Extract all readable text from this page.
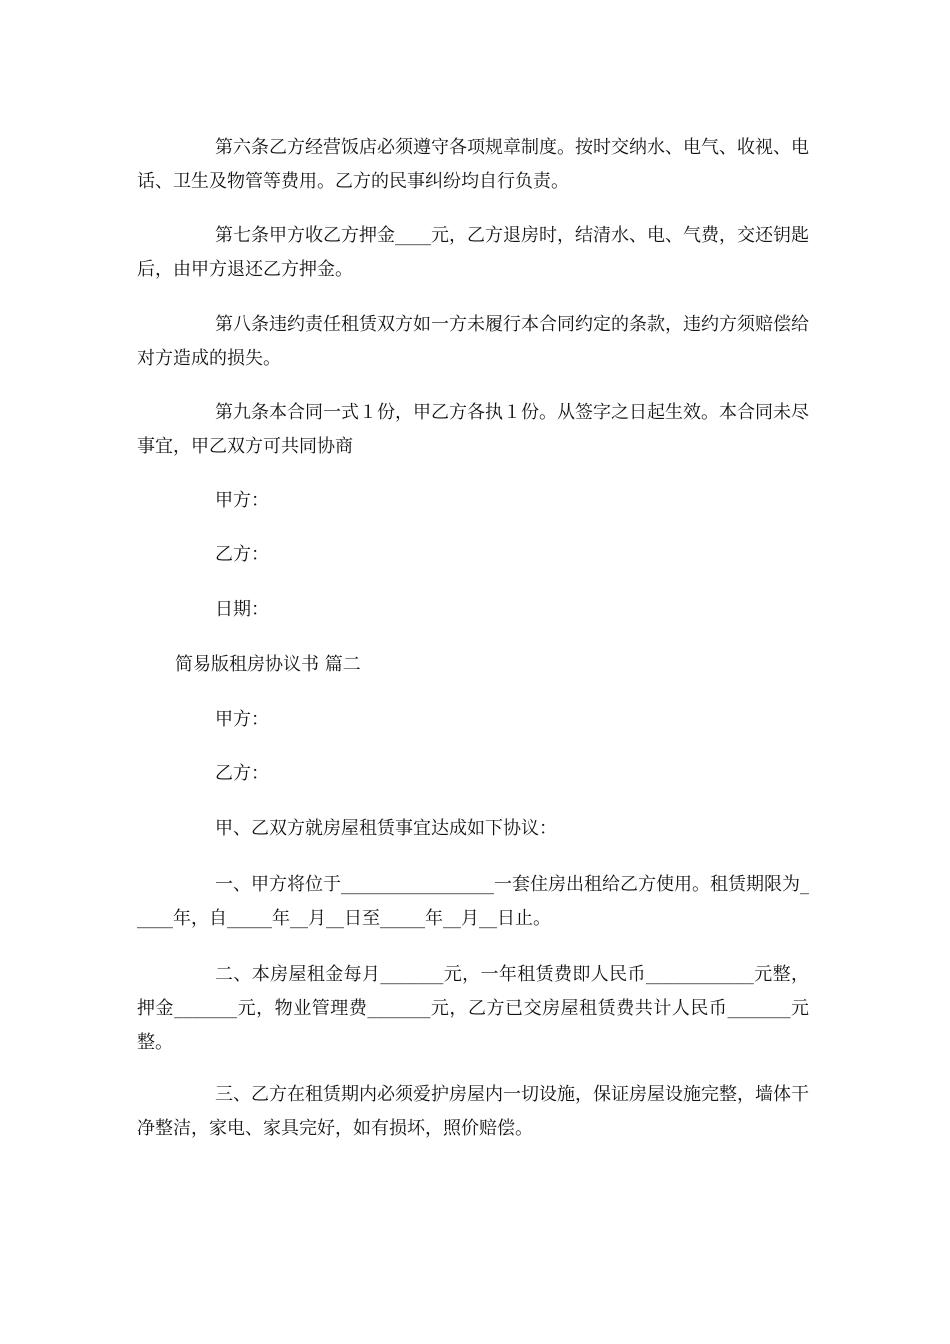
第六条乙方经营饭店必须遵守各项规章制度。按时交纳水、电气、收视、电话、卫生及物管等费用。乙方的民事纠纷均自行负责。

第七条甲方收乙方押金____元，乙方退房时，结清水、电、气费，交还钥匙后，由甲方退还乙方押金。

第八条违约责任租赁双方如一方未履行本合同约定的条款，违约方须赔偿给对方造成的损失。

第九条本合同一式１份，甲乙方各执１份。从签字之日起生效。本合同未尽事宜，甲乙双方可共同协商

甲方：

乙方：

日期：

简易版租房协议书 篇二

甲方：

乙方：

甲、乙双方就房屋租赁事宜达成如下协议：

一、甲方将位于_________________一套住房出租给乙方使用。租赁期限为_____年，自_____年__月__日至_____年__月__日止。

二、本房屋租金每月_______元，一年租赁费即人民币____________元整，押金_______元，物业管理费_______元，乙方已交房屋租赁费共计人民币_______元整。

三、乙方在租赁期内必须爱护房屋内一切设施，保证房屋设施完整，墙体干净整洁，家电、家具完好，如有损坏，照价赔偿。
